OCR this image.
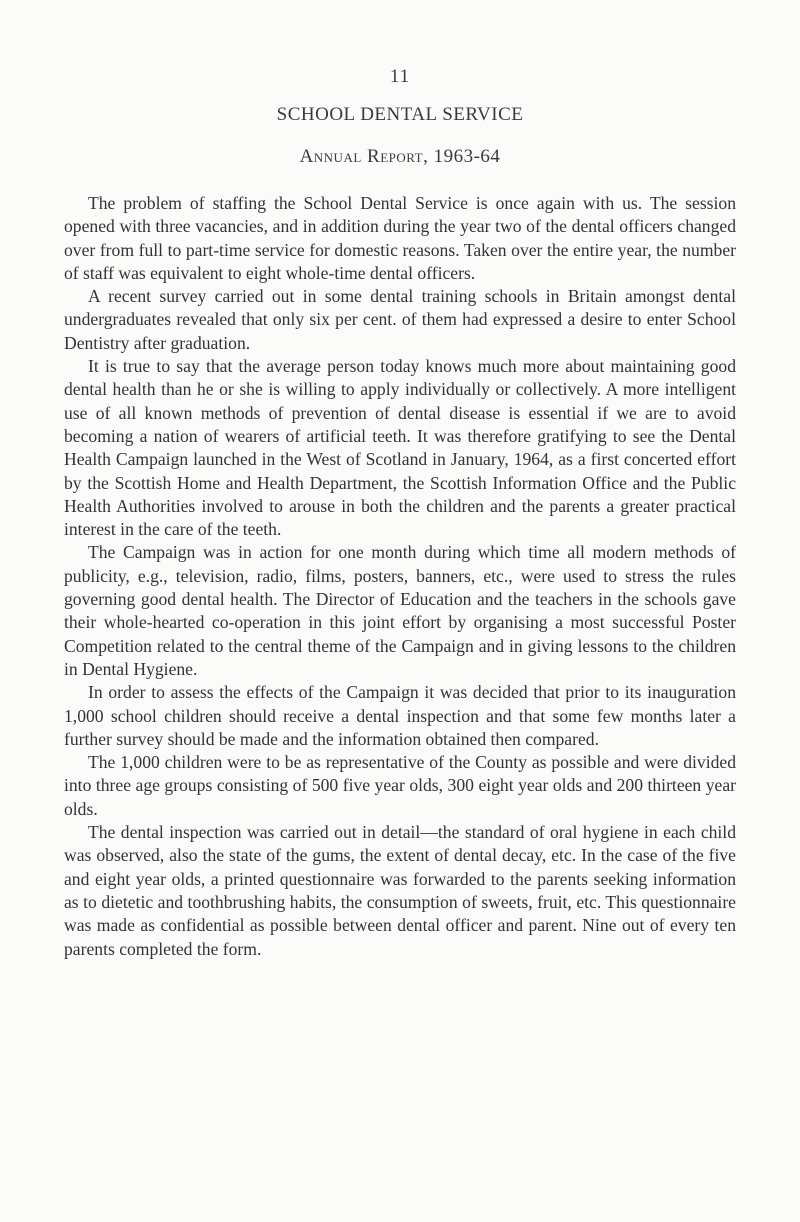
11
SCHOOL DENTAL SERVICE
Annual Report, 1963-64

The problem of staffing the School Dental Service is once again with us. The session opened with three vacancies, and in addition during the year two of the dental officers changed over from full to part-time service for domestic reasons. Taken over the entire year, the number of staff was equivalent to eight whole-time dental officers.

A recent survey carried out in some dental training schools in Britain amongst dental undergraduates revealed that only six per cent. of them had expressed a desire to enter School Dentistry after graduation.

It is true to say that the average person today knows much more about maintaining good dental health than he or she is willing to apply individually or collectively. A more intelligent use of all known methods of prevention of dental disease is essential if we are to avoid becoming a nation of wearers of artificial teeth. It was therefore gratifying to see the Dental Health Campaign launched in the West of Scotland in January, 1964, as a first concerted effort by the Scottish Home and Health Department, the Scottish Information Office and the Public Health Authorities involved to arouse in both the children and the parents a greater practical interest in the care of the teeth.

The Campaign was in action for one month during which time all modern methods of publicity, e.g., television, radio, films, posters, banners, etc., were used to stress the rules governing good dental health. The Director of Education and the teachers in the schools gave their whole-hearted co-operation in this joint effort by organising a most successful Poster Competition related to the central theme of the Campaign and in giving lessons to the children in Dental Hygiene.

In order to assess the effects of the Campaign it was decided that prior to its inauguration 1,000 school children should receive a dental inspection and that some few months later a further survey should be made and the information obtained then compared.

The 1,000 children were to be as representative of the County as possible and were divided into three age groups consisting of 500 five year olds, 300 eight year olds and 200 thirteen year olds.

The dental inspection was carried out in detail—the standard of oral hygiene in each child was observed, also the state of the gums, the extent of dental decay, etc. In the case of the five and eight year olds, a printed questionnaire was forwarded to the parents seeking information as to dietetic and toothbrushing habits, the consumption of sweets, fruit, etc. This questionnaire was made as confidential as possible between dental officer and parent. Nine out of every ten parents completed the form.
